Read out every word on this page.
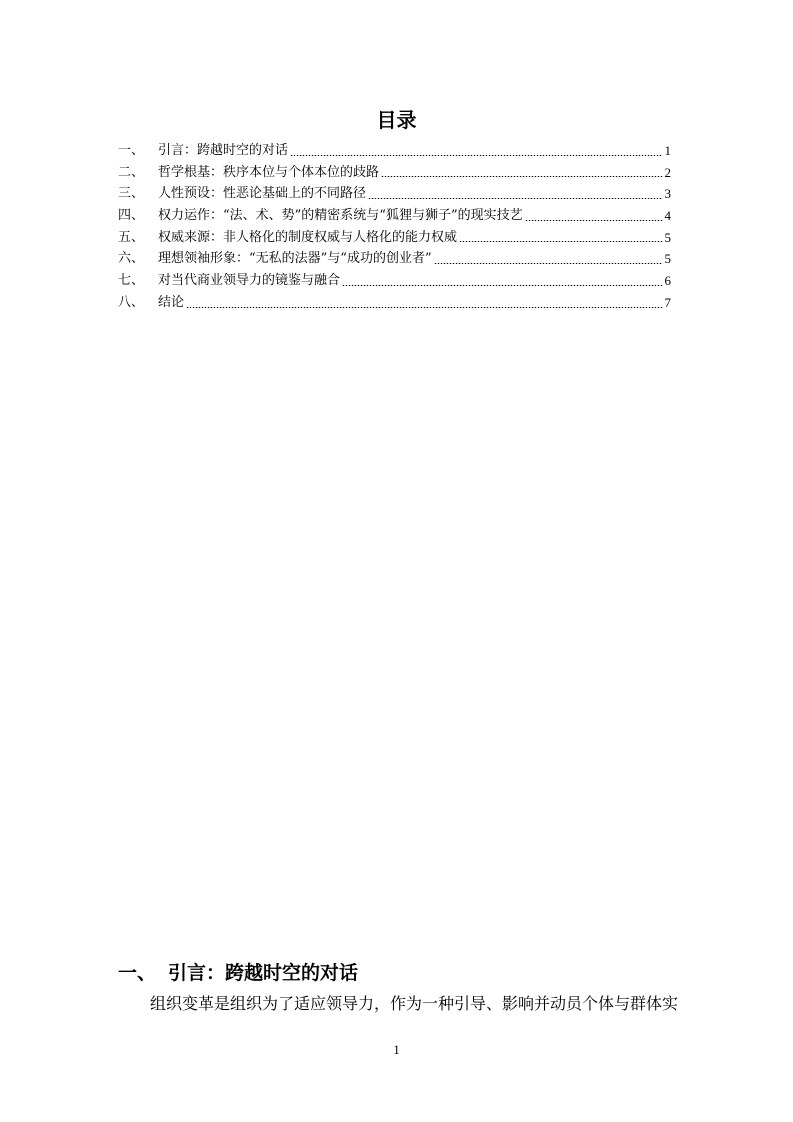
目录
一、	引言：跨越时空的对话	1
二、	哲学根基：秩序本位与个体本位的歧路	2
三、	人性预设：性恶论基础上的不同路径	3
四、	权力运作：“法、术、势”的精密系统与“狐狸与狮子”的现实技艺	4
五、	权威来源：非人格化的制度权威与人格化的能力权威	5
六、	理想领袖形象：“无私的法器”与“成功的创业者”	5
七、	对当代商业领导力的镜鉴与融合	6
八、	结论	7
一、 引言：跨越时空的对话
组织变革是组织为了适应领导力，作为一种引导、影响并动员个体与群体实
1
